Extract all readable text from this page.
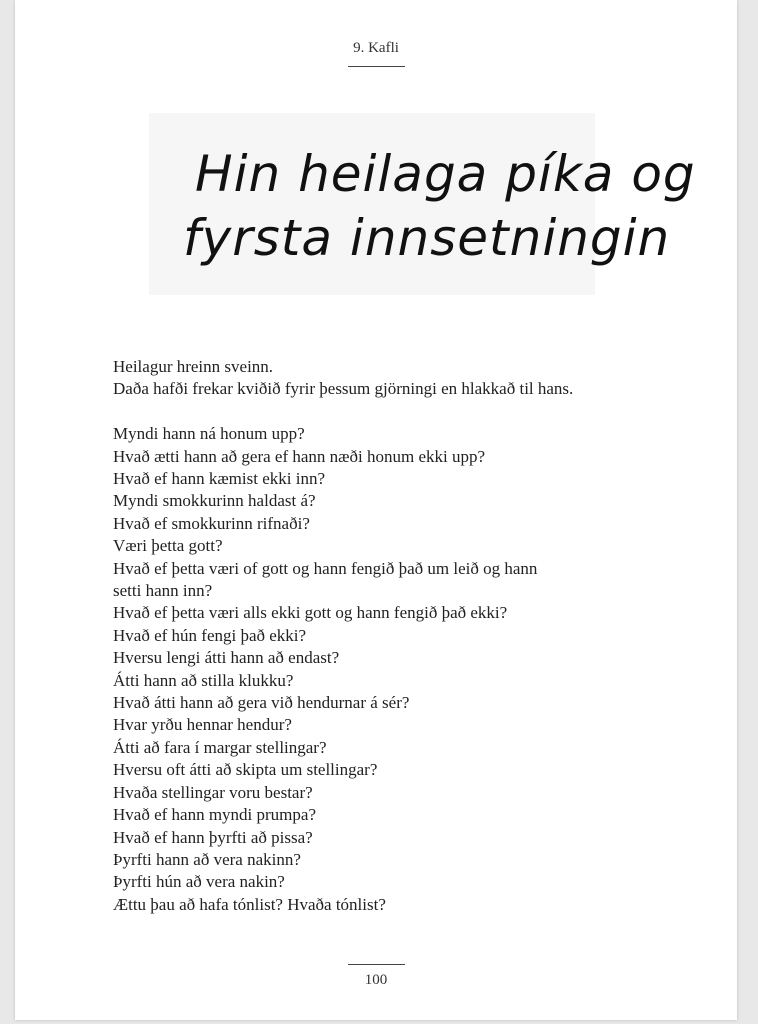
9. Kafli
Hin heilaga píka og
fyrsta innsetningin
Heilagur hreinn sveinn.
Daða hafði frekar kviðið fyrir þessum gjörningi en hlakkað til hans.
Myndi hann ná honum upp?
Hvað ætti hann að gera ef hann næði honum ekki upp?
Hvað ef hann kæmist ekki inn?
Myndi smokkurinn haldast á?
Hvað ef smokkurinn rifnaði?
Væri þetta gott?
Hvað ef þetta væri of gott og hann fengið það um leið og hann
setti hann inn?
Hvað ef þetta væri alls ekki gott og hann fengið það ekki?
Hvað ef hún fengi það ekki?
Hversu lengi átti hann að endast?
Átti hann að stilla klukku?
Hvað átti hann að gera við hendurnar á sér?
Hvar yrðu hennar hendur?
Átti að fara í margar stellingar?
Hversu oft átti að skipta um stellingar?
Hvaða stellingar voru bestar?
Hvað ef hann myndi prumpa?
Hvað ef hann þyrfti að pissa?
Þyrfti hann að vera nakinn?
Þyrfti hún að vera nakin?
Ættu þau að hafa tónlist? Hvaða tónlist?
100
